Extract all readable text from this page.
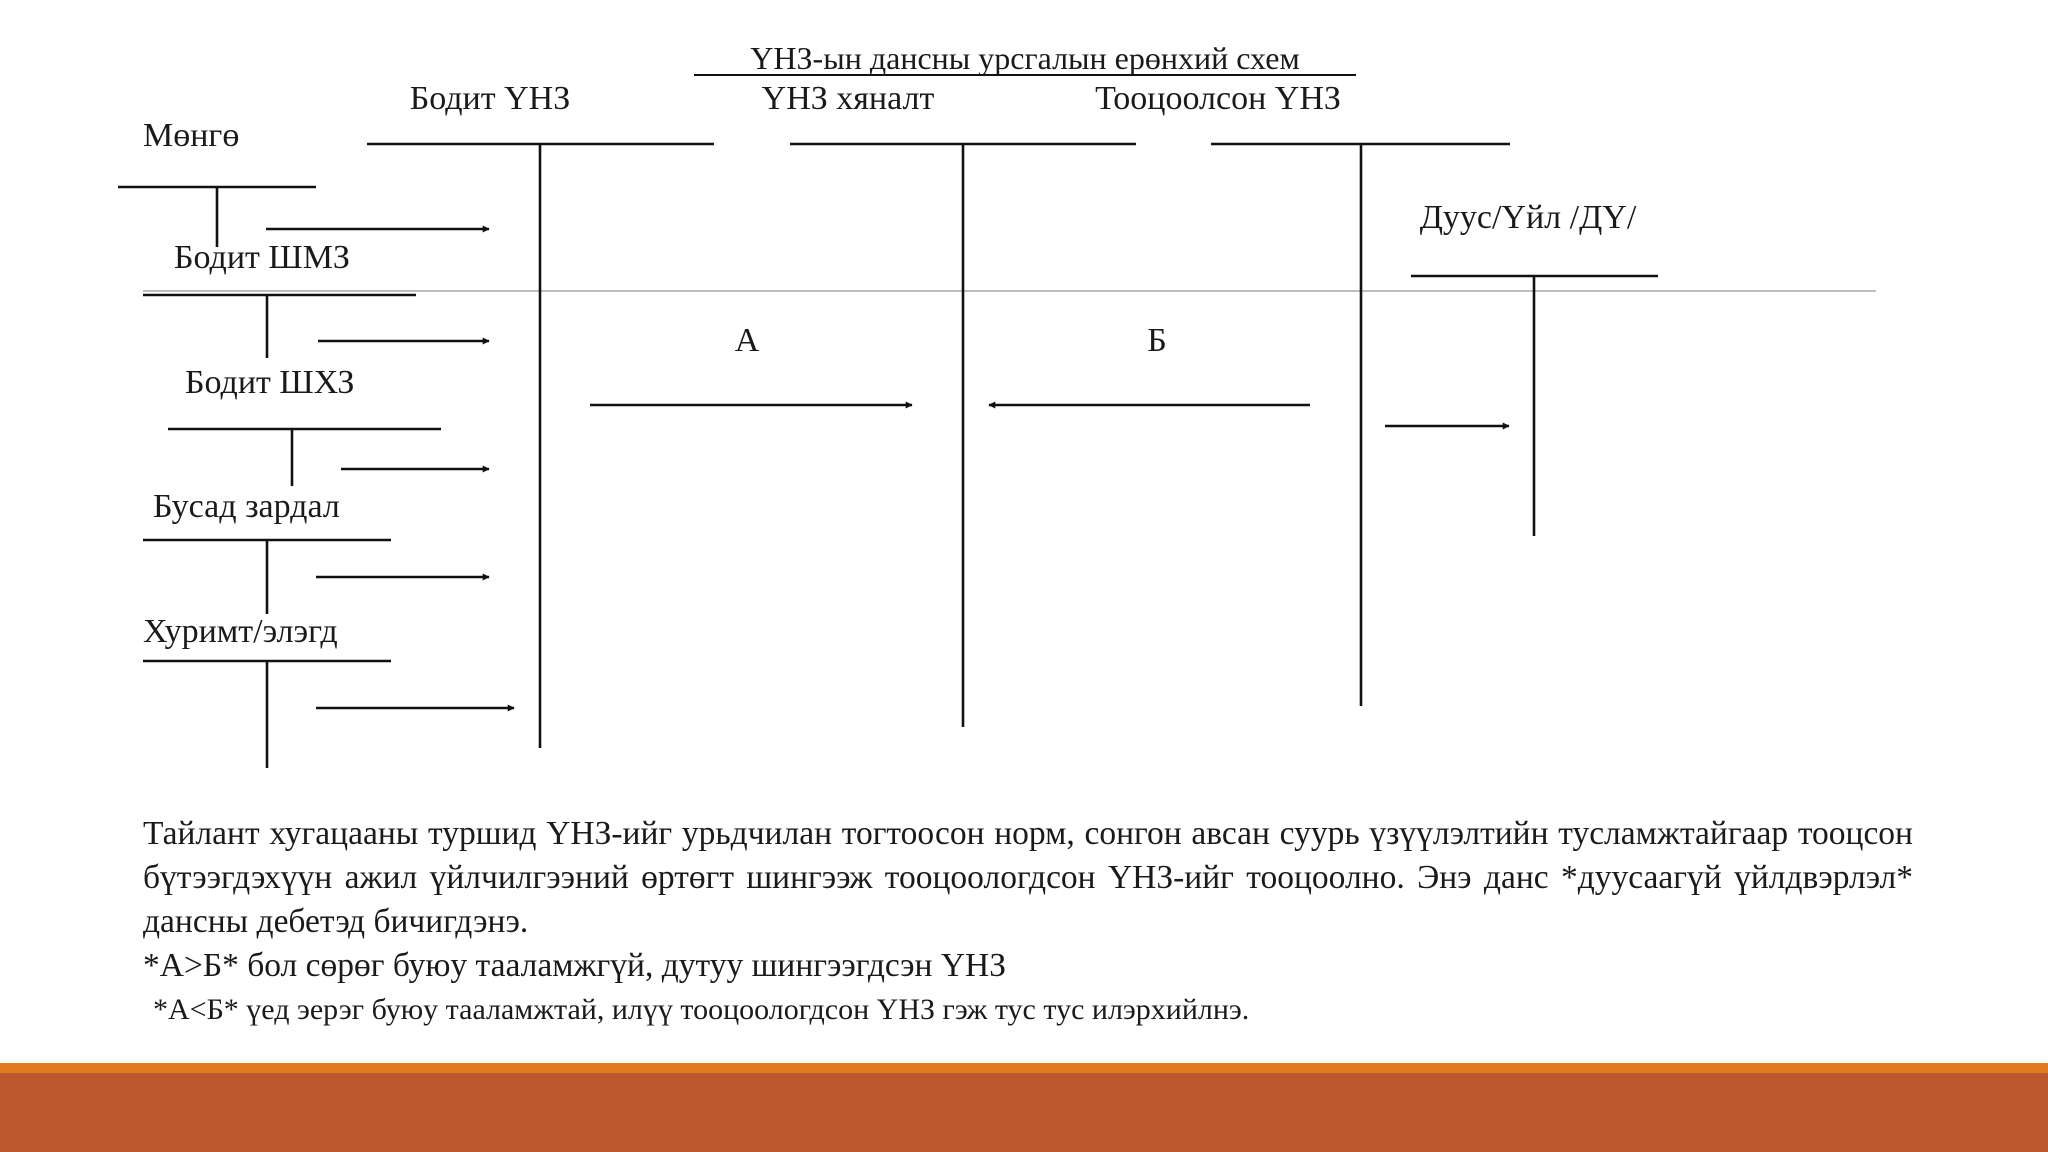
ҮНЗ-ын дансны урсгалын ерөнхий схем
Бодит ҮНЗ	ҮНЗ хяналт	Тооцоолсон ҮНЗ
Дуус/Үйл /ДҮ/
Мөнгө
Бодит ШМЗ
Бодит ШХЗ
Бусад зардал
Хуримт/элэгд
А	Б

Тайлант хугацааны туршид ҮНЗ-ийг урьдчилан тогтоосон норм, сонгон авсан суурь үзүүлэлтийн тусламжтайгаар тооцсон бүтээгдэхүүн ажил үйлчилгээний өртөгт шингээж тооцоологдсон ҮНЗ-ийг тооцоолно. Энэ данс *дуусаагүй үйлдвэрлэл* дансны дебетэд бичигдэнэ.

*А>Б* бол сөрөг буюу тааламжгүй, дутуу шингээгдсэн ҮНЗ
*А<Б* үед эерэг буюу тааламжтай, илүү тооцоологдсон ҮНЗ гэж тус тус илэрхийлнэ.
